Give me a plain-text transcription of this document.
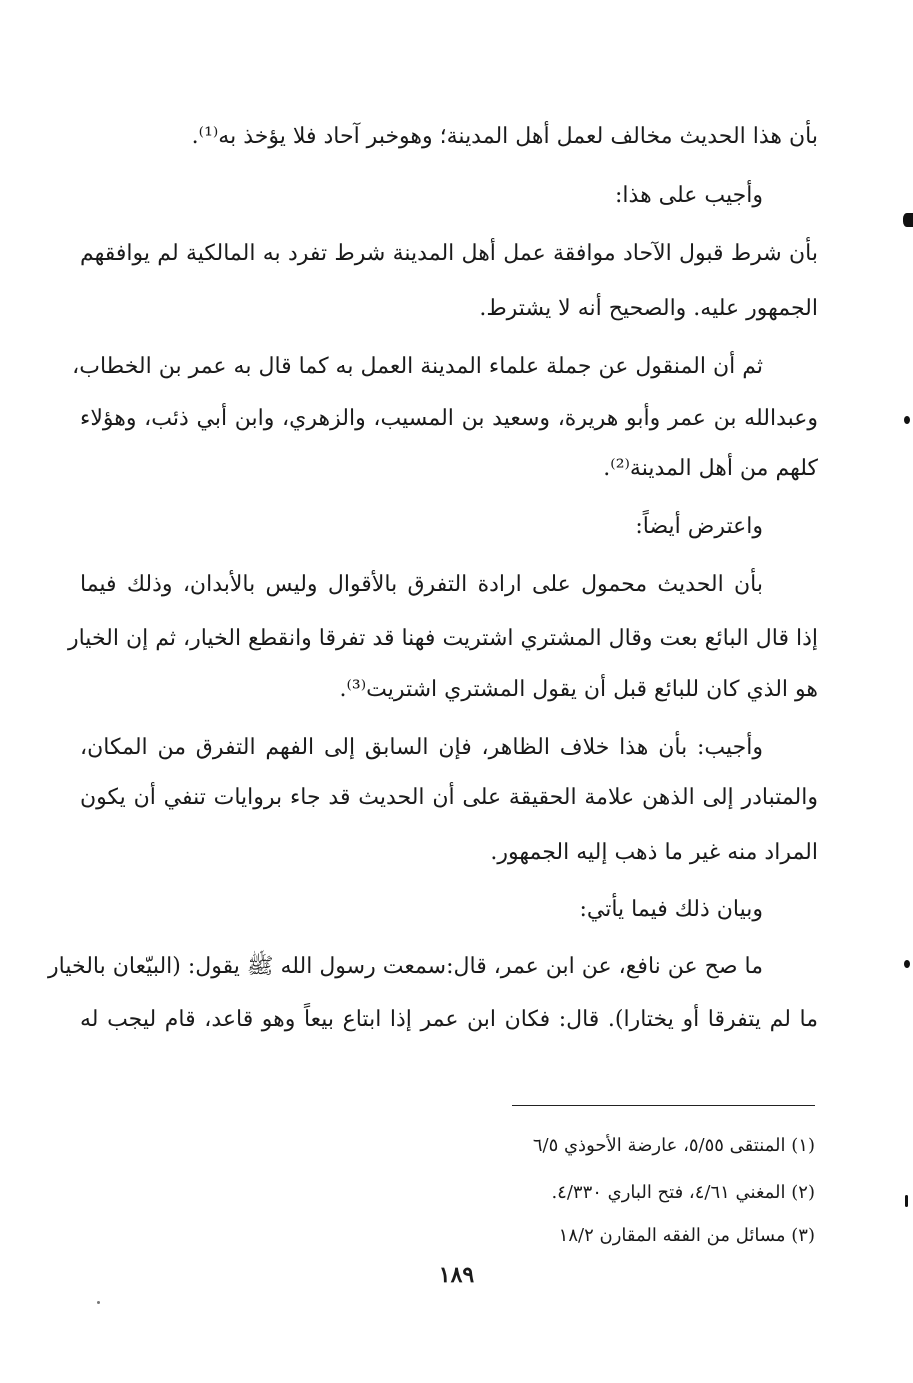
بأن هذا الحديث مخالف لعمل أهل المدينة؛ وهوخبر آحاد فلا يؤخذ به⁽¹⁾.
وأجيب على هذا:
بأن شرط قبول الآحاد موافقة عمل أهل المدينة شرط تفرد به المالكية لم يوافقهم
الجمهور عليه. والصحيح أنه لا يشترط.
ثم أن المنقول عن جملة علماء المدينة العمل به كما قال به عمر بن الخطاب،
وعبدالله بن عمر وأبو هريرة، وسعيد بن المسيب، والزهري، وابن أبي ذئب، وهؤلاء
كلهم من أهل المدينة⁽²⁾.
واعترض أيضاً:
بأن الحديث محمول على ارادة التفرق بالأقوال وليس بالأبدان، وذلك فيما
إذا قال البائع بعت وقال المشتري اشتريت فهنا قد تفرقا وانقطع الخيار، ثم إن الخيار
هو الذي كان للبائع قبل أن يقول المشتري اشتريت⁽³⁾.
وأجيب: بأن هذا خلاف الظاهر، فإن السابق إلى الفهم التفرق من المكان،
والمتبادر إلى الذهن علامة الحقيقة على أن الحديث قد جاء بروايات تنفي أن يكون
المراد منه غير ما ذهب إليه الجمهور.
وبيان ذلك فيما يأتي:
ما صح عن نافع، عن ابن عمر، قال:سمعت رسول الله ﷺ يقول: (البيّعان بالخيار
ما لم يتفرقا أو يختارا). قال: فكان ابن عمر إذا ابتاع بيعاً وهو قاعد، قام ليجب له
(١) المنتقى ٥/٥٥، عارضة الأحوذي ٦/٥
(٢) المغني ٤/٦١، فتح الباري ٤/٣٣٠.
(٣) مسائل من الفقه المقارن ١٨/٢
١٨٩
